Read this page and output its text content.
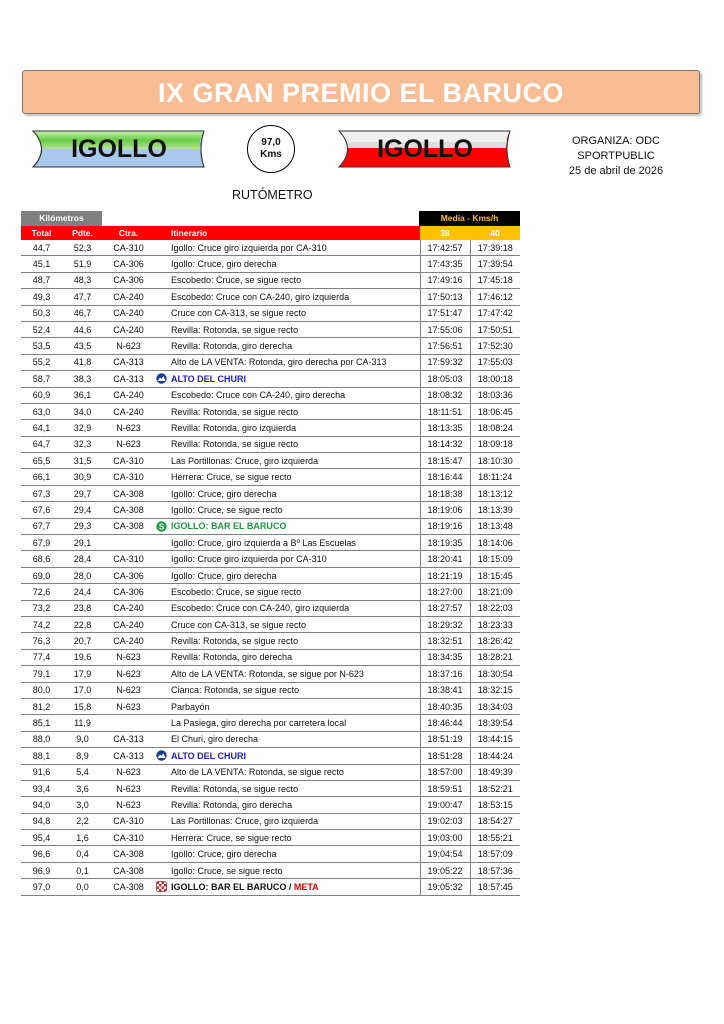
IX GRAN PREMIO EL BARUCO
IGOLLO	97,0
Kms	IGOLLO	ORGANIZA: ODC SPORTPUBLIC
25 de abril de 2026
RUTÓMETRO
Kilómetros	Media - Kms/h
Total	Pdte.	Ctra.		Itinerario	38	40
44,7	52,3	CA-310		Igollo: Cruce giro izquierda por CA-310	17:42:57	17:39:18
45,1	51,9	CA-306		Igollo: Cruce, giro derecha	17:43:35	17:39:54
48,7	48,3	CA-306		Escobedo: Cruce, se sigue recto	17:49:16	17:45:18
49,3	47,7	CA-240		Escobedo: Cruce con CA-240, giro izquierda	17:50:13	17:46:12
50,3	46,7	CA-240		Cruce con CA-313, se sigue recto	17:51:47	17:47:42
52,4	44,6	CA-240		Revilla: Rotonda, se sigue recto	17:55:06	17:50:51
53,5	43,5	N-623		Revilla: Rotonda, giro derecha	17:56:51	17:52:30
55,2	41,8	CA-313		Alto de LA VENTA: Rotonda, giro derecha por CA-313	17:59:32	17:55:03
58,7	38,3	CA-313		ALTO DEL CHURI	18:05:03	18:00:18
60,9	36,1	CA-240		Escobedo: Cruce con CA-240, giro derecha	18:08:32	18:03:36
63,0	34,0	CA-240		Revilla: Rotonda, se sigue recto	18:11:51	18:06:45
64,1	32,9	N-623		Revilla: Rotonda, giro izquierda	18:13:35	18:08:24
64,7	32,3	N-623		Revilla: Rotonda, se sigue recto	18:14:32	18:09:18
65,5	31,5	CA-310		Las Portillonas: Cruce, giro izquierda	18:15:47	18:10:30
66,1	30,9	CA-310		Herrera: Cruce, se sigue recto	18:16:44	18:11:24
67,3	29,7	CA-308		Igollo: Cruce, giro derecha	18:18:38	18:13:12
67,6	29,4	CA-308		Igollo: Cruce, se sigue recto	18:19:06	18:13:39
67,7	29,3	CA-308	S	IGOLLO: BAR EL BARUCO	18:19:16	18:13:48
67,9	29,1			Igollo: Cruce, giro izquierda a Bº Las Escuelas	18:19:35	18:14:06
68,6	28,4	CA-310		Igollo: Cruce giro izquierda por CA-310	18:20:41	18:15:09
69,0	28,0	CA-306		Igollo: Cruce, giro derecha	18:21:19	18:15:45
72,6	24,4	CA-306		Escobedo: Cruce, se sigue recto	18:27:00	18:21:09
73,2	23,8	CA-240		Escobedo: Cruce con CA-240, giro izquierda	18:27:57	18:22:03
74,2	22,8	CA-240		Cruce con CA-313, se sigue recto	18:29:32	18:23:33
76,3	20,7	CA-240		Revilla: Rotonda, se sigue recto	18:32:51	18:26:42
77,4	19,6	N-623		Revilla: Rotonda, giro derecha	18:34:35	18:28:21
79,1	17,9	N-623		Alto de LA VENTA: Rotonda, se sigue por N-623	18:37:16	18:30:54
80,0	17,0	N-623		Cianca: Rotonda, se sigue recto	18:38:41	18:32:15
81,2	15,8	N-623		Parbayón	18:40:35	18:34:03
85,1	11,9			La Pasiega, giro derecha por carretera local	18:46:44	18:39:54
88,0	9,0	CA-313		El Churi, giro derecha	18:51:19	18:44:15
88,1	8,9	CA-313		ALTO DEL CHURI	18:51:28	18:44:24
91,6	5,4	N-623		Alto de LA VENTA: Rotonda, se sigue recto	18:57:00	18:49:39
93,4	3,6	N-623		Revilla: Rotonda, se sigue recto	18:59:51	18:52:21
94,0	3,0	N-623		Revilla: Rotonda, giro derecha	19:00:47	18:53:15
94,8	2,2	CA-310		Las Portillonas: Cruce, giro izquierda	19:02:03	18:54:27
95,4	1,6	CA-310		Herrera: Cruce, se sigue recto	19:03:00	18:55:21
96,6	0,4	CA-308		Igollo: Cruce, giro derecha	19:04:54	18:57:09
96,9	0,1	CA-308		Igollo: Cruce, se sigue recto	19:05:22	18:57:36
97,0	0,0	CA-308		IGOLLO: BAR EL BARUCO / META	19:05:32	18:57:45
